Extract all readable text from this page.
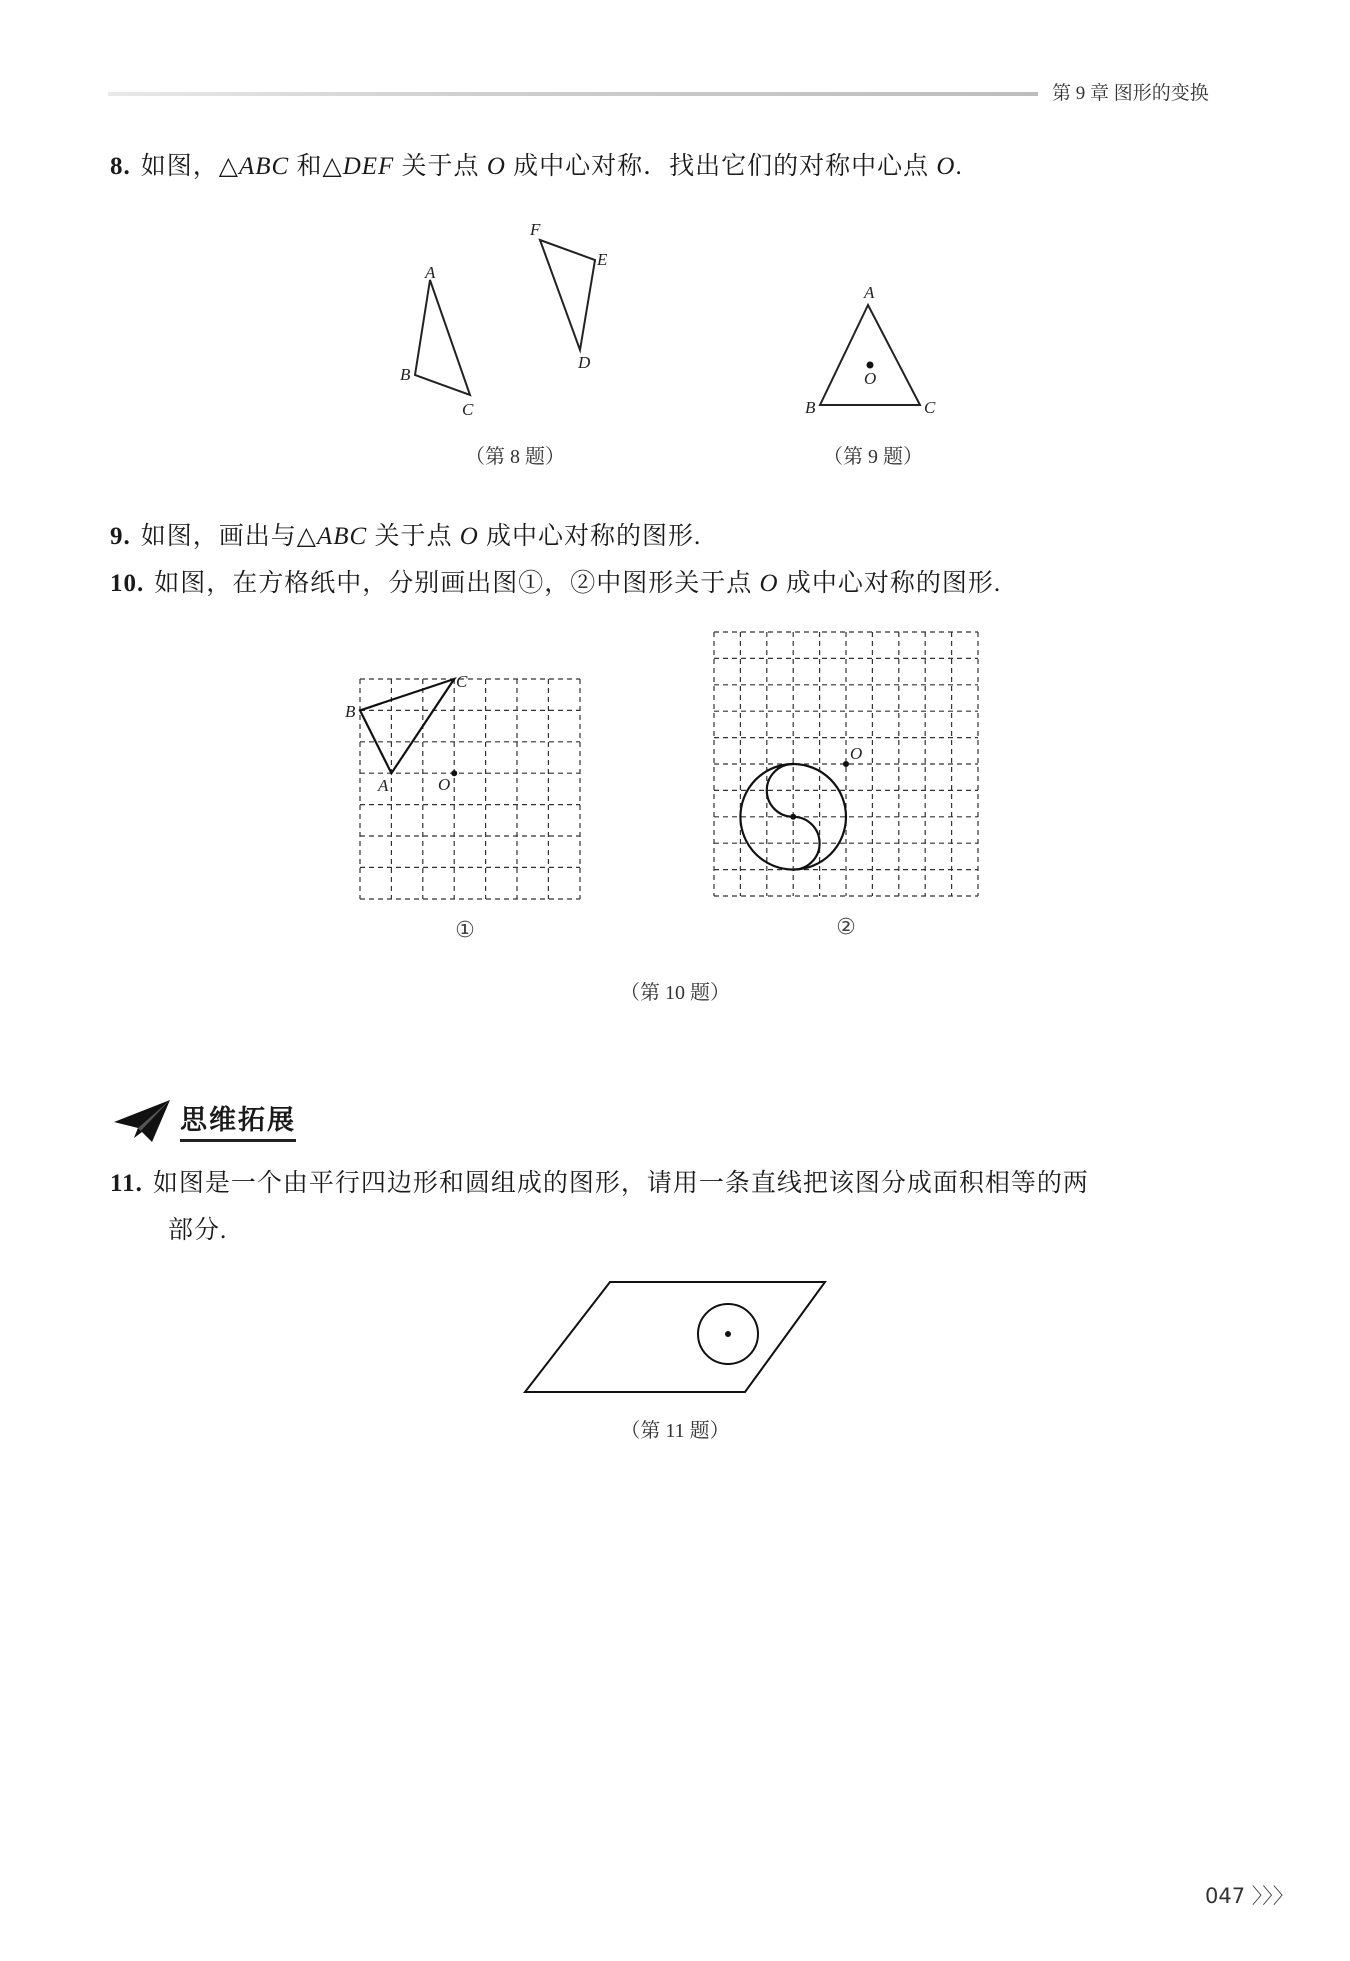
第 9 章 图形的变换
8. 如图，△ABC 和△DEF 关于点 O 成中心对称．找出它们的对称中心点 O.
A
B
C
D
E
F
（第 8 题）
A
B	C
O
（第 9 题）
9. 如图，画出与△ABC 关于点 O 成中心对称的图形.
10. 如图，在方格纸中，分别画出图①，②中图形关于点 O 成中心对称的图形.
B
C
A	O
①
O
②
（第 10 题）
思维拓展
11. 如图是一个由平行四边形和圆组成的图形，请用一条直线把该图分成面积相等的两
部分.
（第 11 题）
047 〉〉〉
